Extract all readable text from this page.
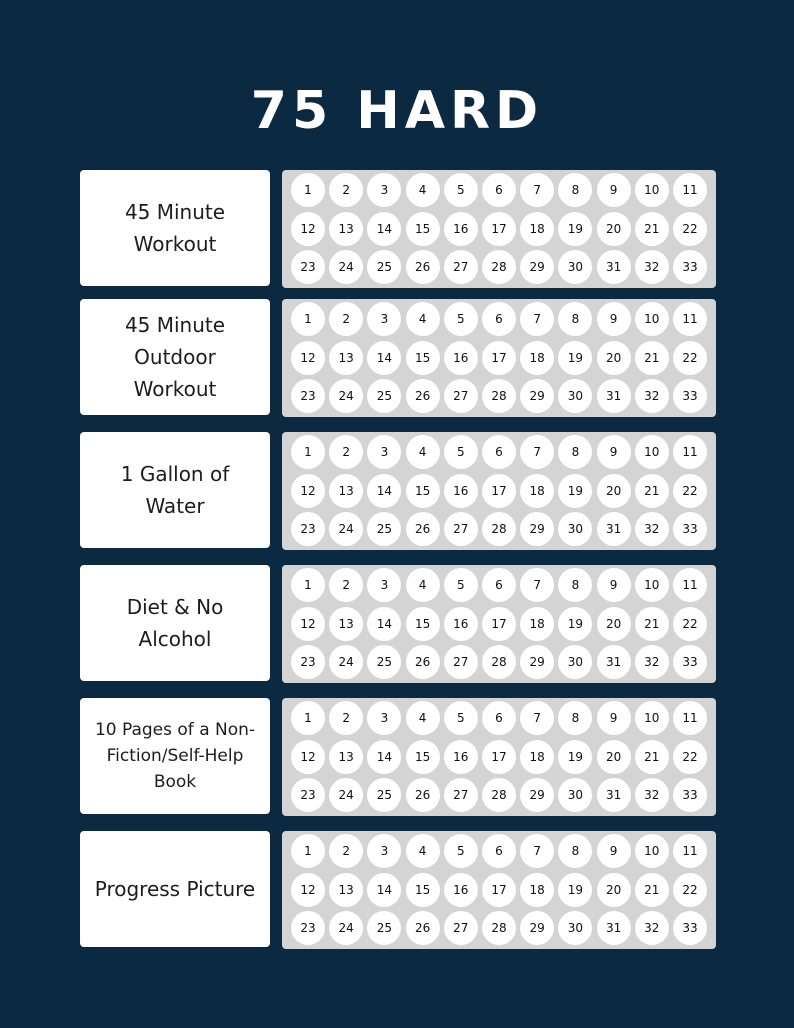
75 HARD
45 Minute Workout
1	2	3	4	5	6	7	8	9	10	11
12	13	14	15	16	17	18	19	20	21	22
23	24	25	26	27	28	29	30	31	32	33
45 Minute Outdoor Workout
1	2	3	4	5	6	7	8	9	10	11
12	13	14	15	16	17	18	19	20	21	22
23	24	25	26	27	28	29	30	31	32	33
1 Gallon of Water
1	2	3	4	5	6	7	8	9	10	11
12	13	14	15	16	17	18	19	20	21	22
23	24	25	26	27	28	29	30	31	32	33
Diet & No Alcohol
1	2	3	4	5	6	7	8	9	10	11
12	13	14	15	16	17	18	19	20	21	22
23	24	25	26	27	28	29	30	31	32	33
10 Pages of a Non-Fiction/Self-Help Book
1	2	3	4	5	6	7	8	9	10	11
12	13	14	15	16	17	18	19	20	21	22
23	24	25	26	27	28	29	30	31	32	33
Progress Picture
1	2	3	4	5	6	7	8	9	10	11
12	13	14	15	16	17	18	19	20	21	22
23	24	25	26	27	28	29	30	31	32	33
